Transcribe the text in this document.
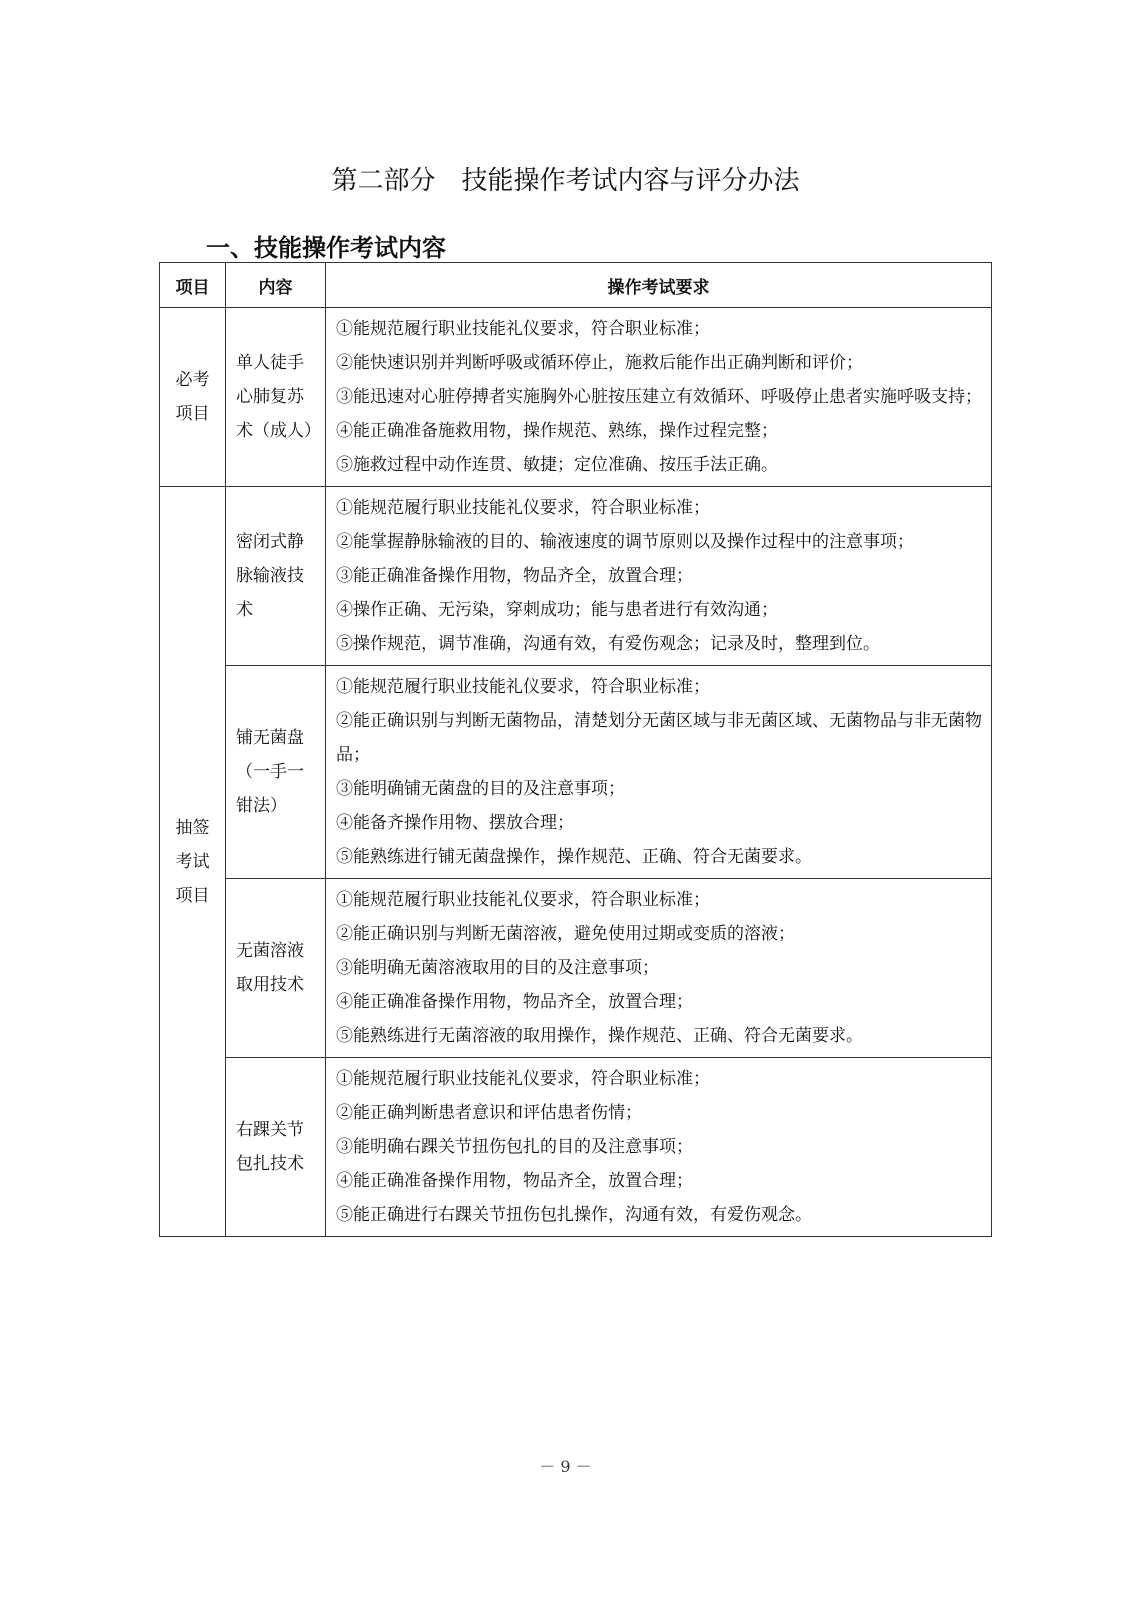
第二部分　技能操作考试内容与评分办法
一、技能操作考试内容
项目	内容	操作考试要求
必考项目	单人徒手心肺复苏术（成人）	①能规范履行职业技能礼仪要求，符合职业标准；
②能快速识别并判断呼吸或循环停止，施救后能作出正确判断和评价；
③能迅速对心脏停搏者实施胸外心脏按压建立有效循环、呼吸停止患者实施呼吸支持；
④能正确准备施救用物，操作规范、熟练，操作过程完整；
⑤施救过程中动作连贯、敏捷；定位准确、按压手法正确。

抽签考试项目	密闭式静脉输液技术	①能规范履行职业技能礼仪要求，符合职业标准；
②能掌握静脉输液的目的、输液速度的调节原则以及操作过程中的注意事项；
③能正确准备操作用物，物品齐全，放置合理；
④操作正确、无污染，穿刺成功；能与患者进行有效沟通；
⑤操作规范，调节准确，沟通有效，有爱伤观念；记录及时，整理到位。

	铺无菌盘（一手一钳法）	①能规范履行职业技能礼仪要求，符合职业标准；
②能正确识别与判断无菌物品，清楚划分无菌区域与非无菌区域、无菌物品与非无菌物品；
③能明确铺无菌盘的目的及注意事项；
④能备齐操作用物、摆放合理；
⑤能熟练进行铺无菌盘操作，操作规范、正确、符合无菌要求。

	无菌溶液取用技术	①能规范履行职业技能礼仪要求，符合职业标准；
②能正确识别与判断无菌溶液，避免使用过期或变质的溶液；
③能明确无菌溶液取用的目的及注意事项；
④能正确准备操作用物，物品齐全，放置合理；
⑤能熟练进行无菌溶液的取用操作，操作规范、正确、符合无菌要求。

	右踝关节包扎技术	①能规范履行职业技能礼仪要求，符合职业标准；
②能正确判断患者意识和评估患者伤情；
③能明确右踝关节扭伤包扎的目的及注意事项；
④能正确准备操作用物，物品齐全，放置合理；
⑤能正确进行右踝关节扭伤包扎操作，沟通有效，有爱伤观念。
－ 9 －
